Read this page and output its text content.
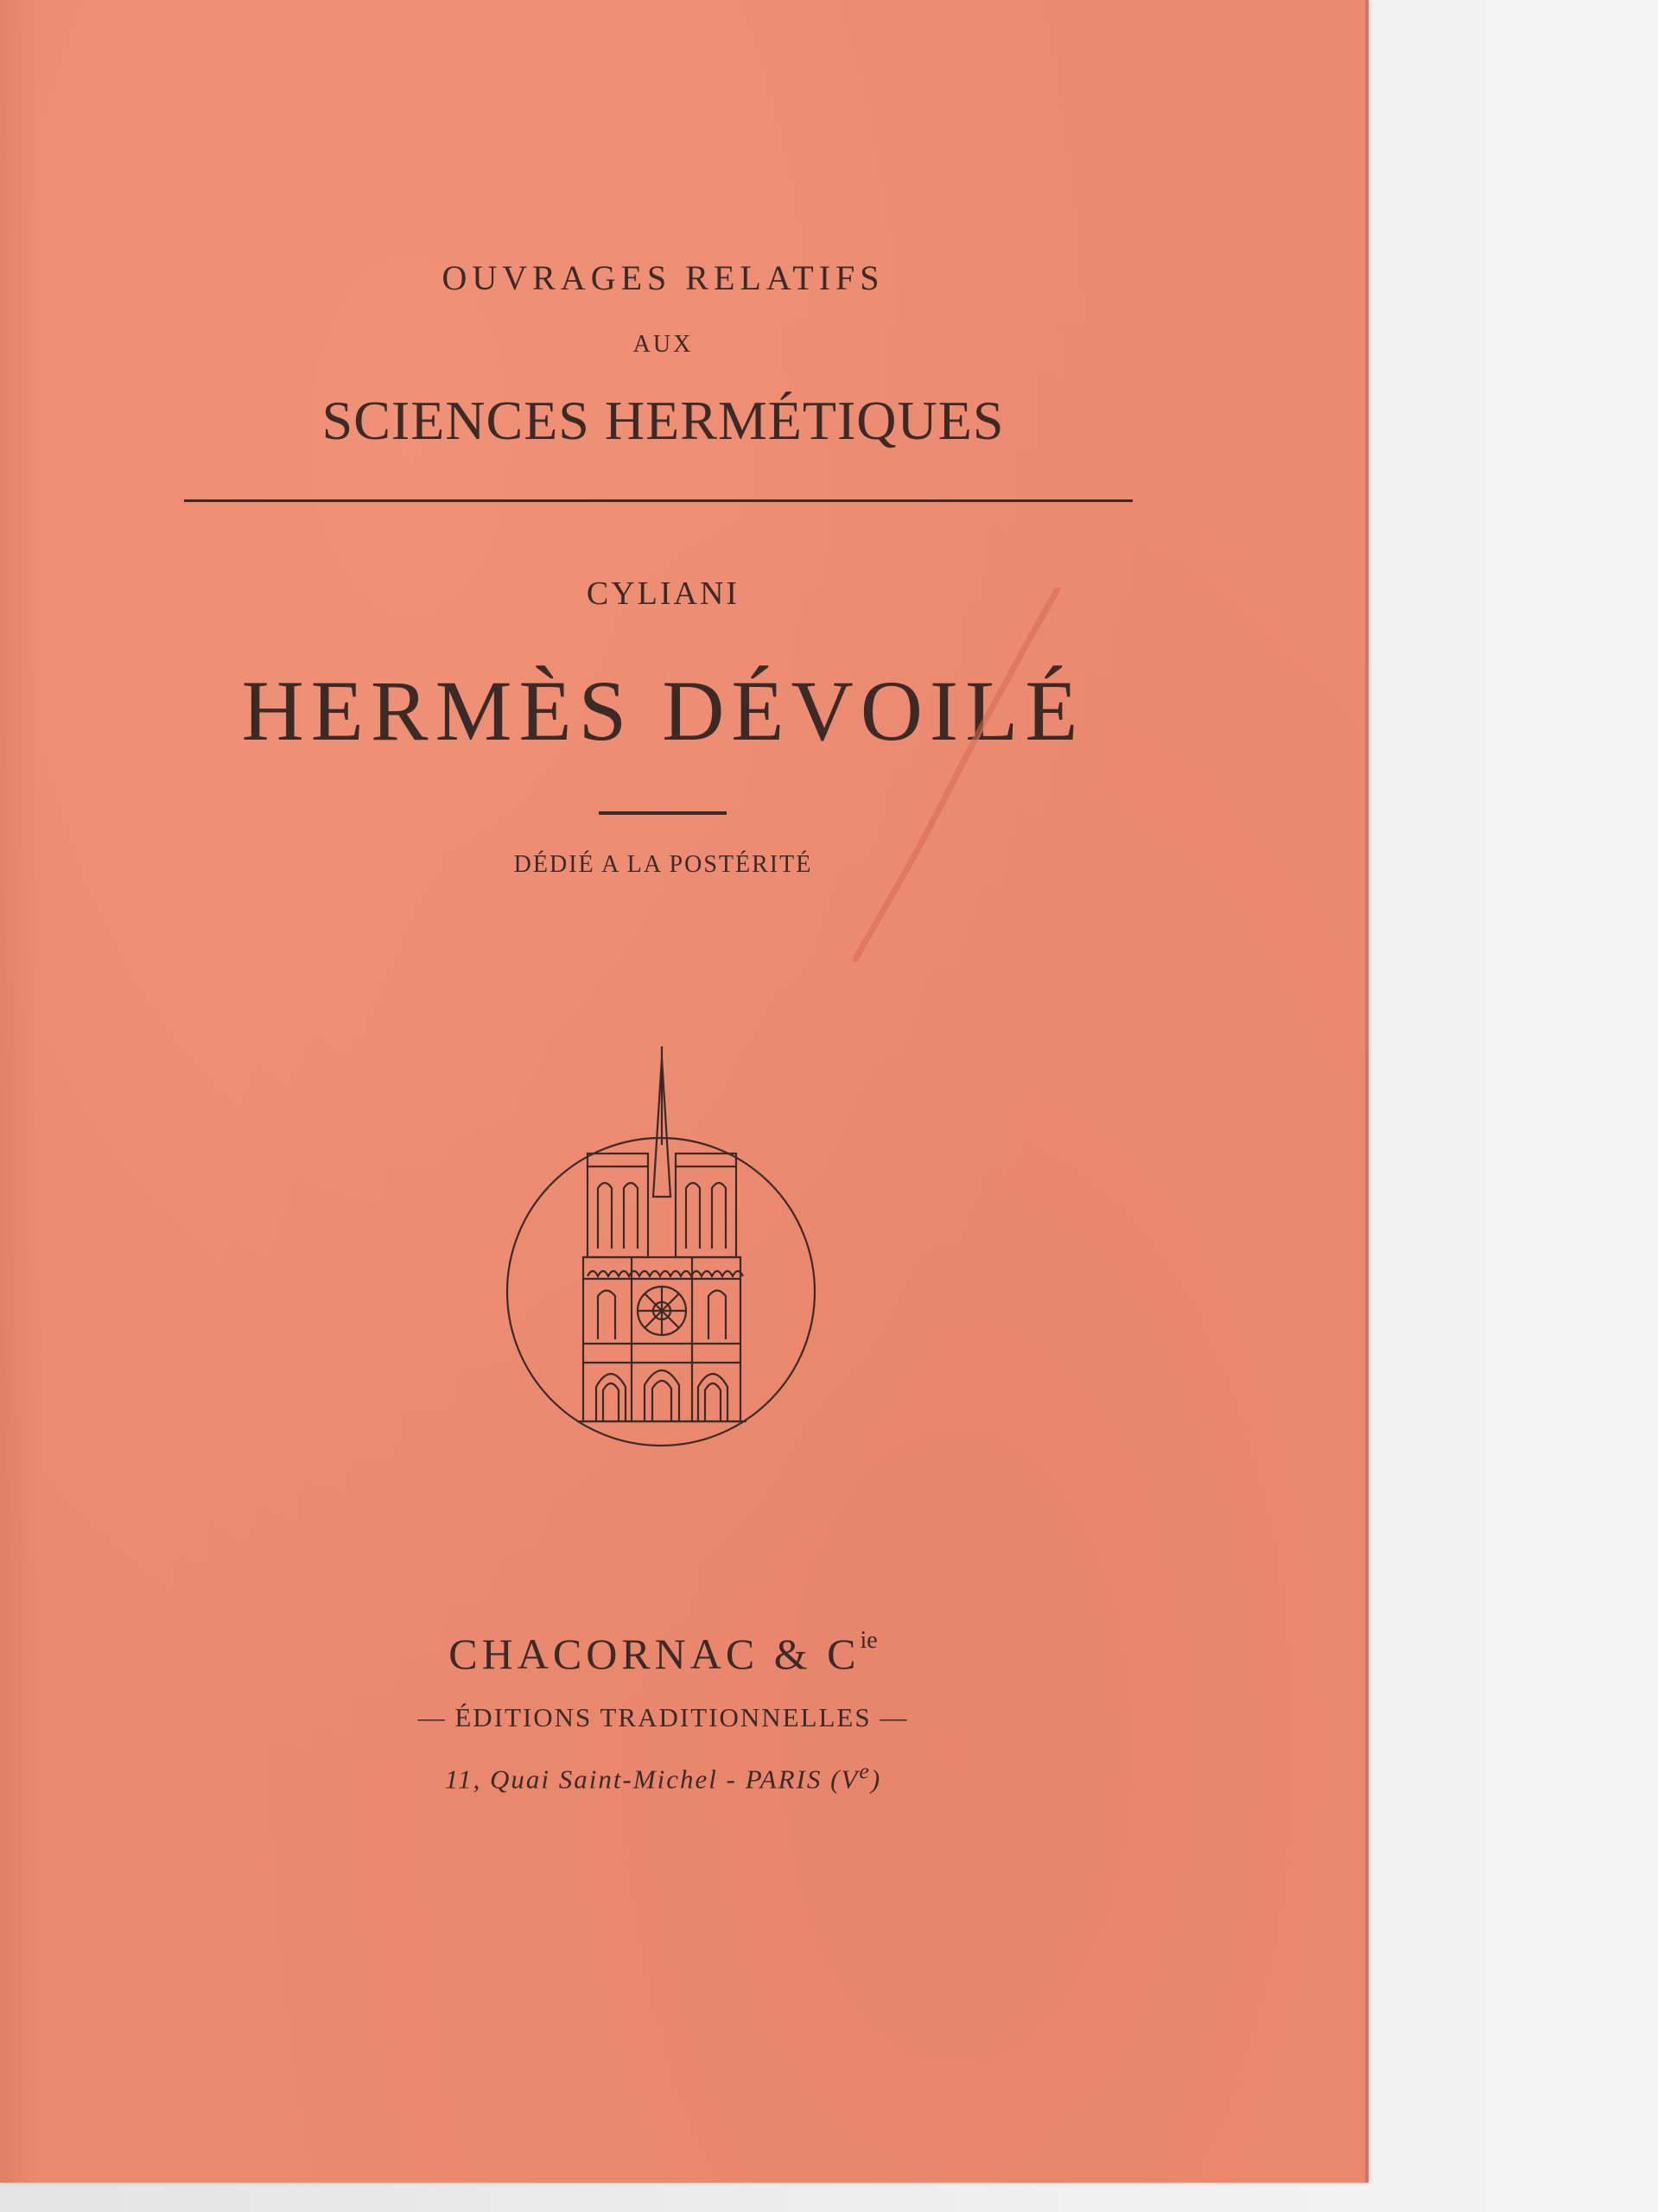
OUVRAGES RELATIFS
AUX
SCIENCES HERMÉTIQUES
CYLIANI
HERMÈS DÉVOILÉ
DÉDIÉ A LA POSTÉRITÉ
CHACORNAC & $C^{ie}$
— ÉDITIONS TRADITIONNELLES —
11, Quai Saint-Michel - PARIS (Ve)
